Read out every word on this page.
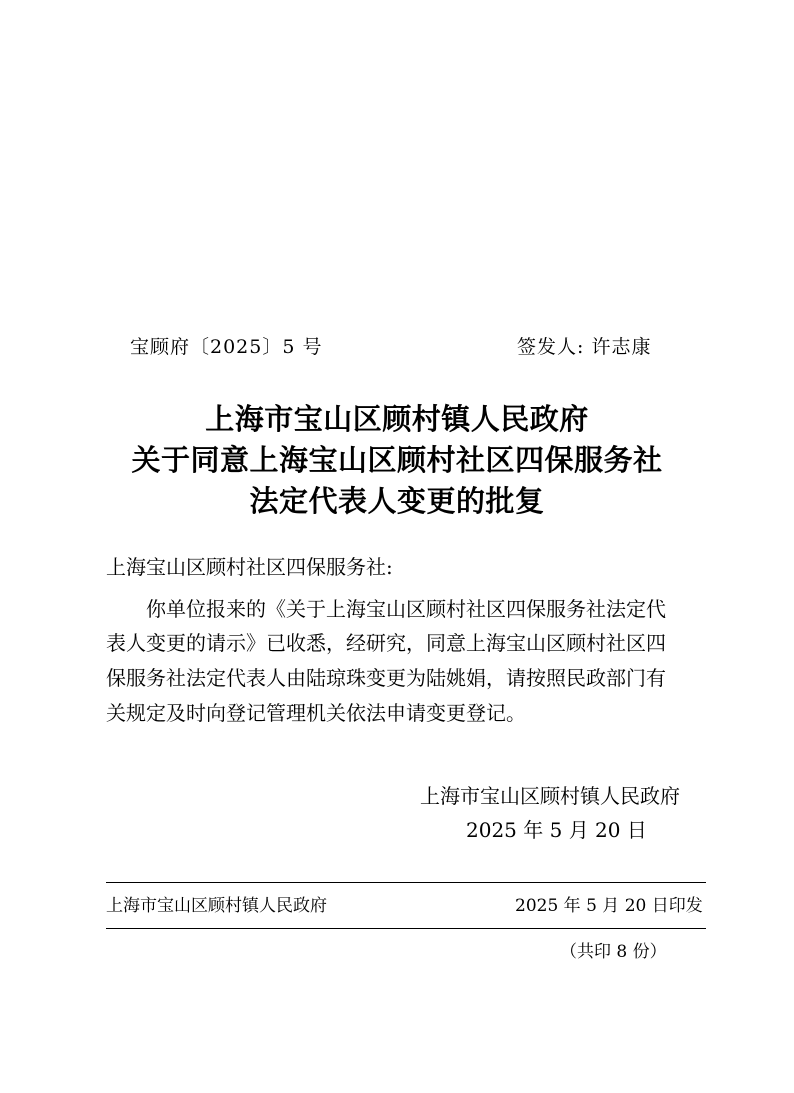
宝顾府〔2025〕5 号	签发人: 许志康
上海市宝山区顾村镇人民政府
关于同意上海宝山区顾村社区四保服务社
法定代表人变更的批复
上海宝山区顾村社区四保服务社:
你单位报来的《关于上海宝山区顾村社区四保服务社法定代
表人变更的请示》已收悉，经研究，同意上海宝山区顾村社区四
保服务社法定代表人由陆琼珠变更为陆姚娟，请按照民政部门有
关规定及时向登记管理机关依法申请变更登记。
上海市宝山区顾村镇人民政府
2025 年 5 月 20 日
上海市宝山区顾村镇人民政府	2025 年 5 月 20 日印发
（共印 8 份）
